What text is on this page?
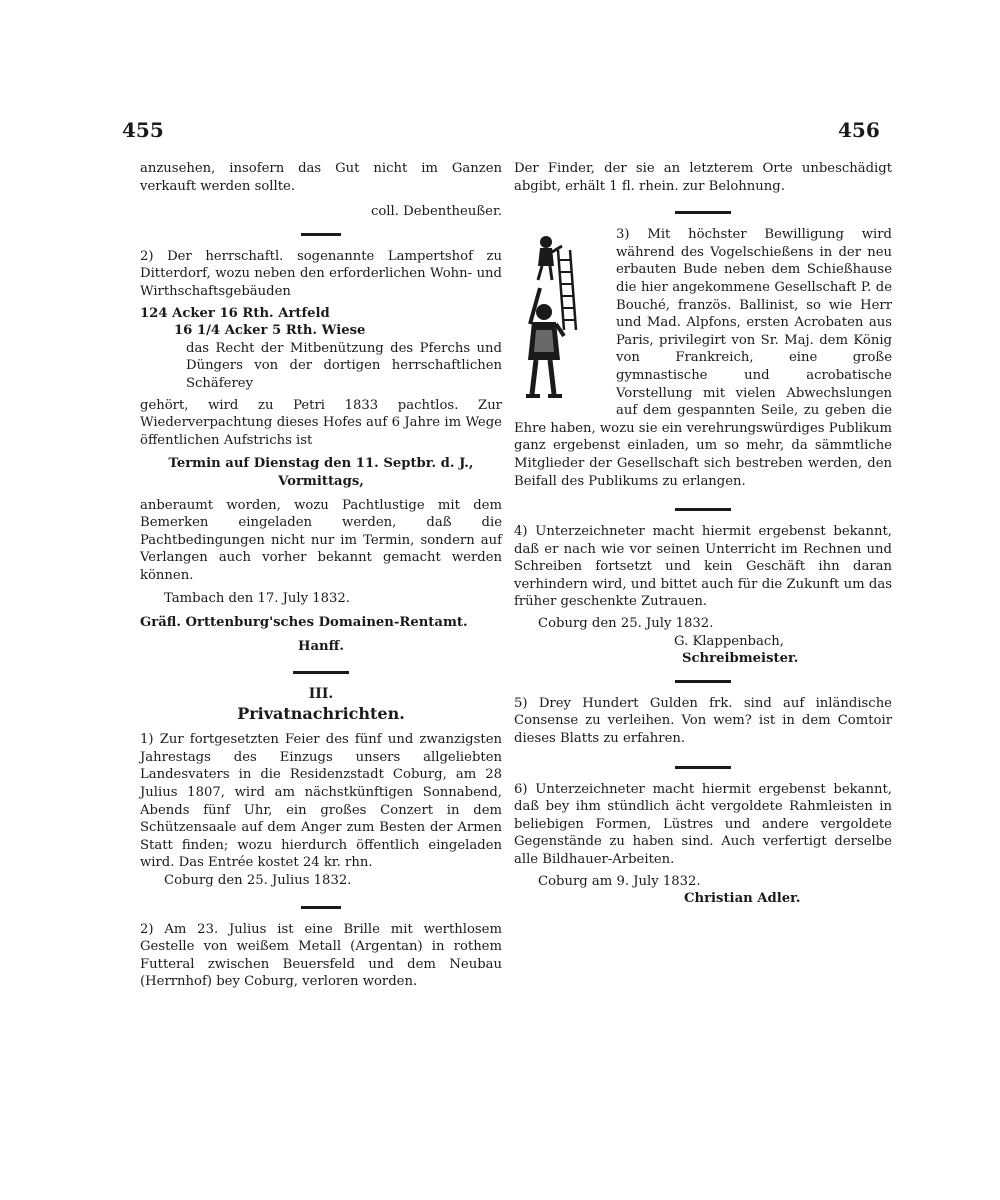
455	456

anzusehen, insofern das Gut nicht im Ganzen verkauft werden sollte.

coll. Debentheußer.

2) Der herrschaftl. sogenannte Lampertshof zu Ditterdorf, wozu neben den erforderlichen Wohn- und Wirthschaftsgebäuden

124 Acker 16 Rth. Artfeld

16 1/4 Acker 5 Rth. Wiese

das Recht der Mitbenützung des Pferchs und Düngers von der dortigen herrschaftlichen Schäferey

gehört, wird zu Petri 1833 pachtlos. Zur Wiederverpachtung dieses Hofes auf 6 Jahre im Wege öffentlichen Aufstrichs ist

Termin auf Dienstag den 11. Septbr. d. J., Vormittags,

anberaumt worden, wozu Pachtlustige mit dem Bemerken eingeladen werden, daß die Pachtbedingungen nicht nur im Termin, sondern auf Verlangen auch vorher bekannt gemacht werden können.

Tambach den 17. July 1832.

Gräfl. Orttenburg'sches Domainen-Rentamt.

Hanff.

III.
Privatnachrichten.

1) Zur fortgesetzten Feier des fünf und zwanzigsten Jahrestags des Einzugs unsers allgeliebten Landesvaters in die Residenzstadt Coburg, am 28 Julius 1807, wird am nächstkünftigen Sonnabend, Abends fünf Uhr, ein großes Conzert in dem Schützensaale auf dem Anger zum Besten der Armen Statt finden; wozu hierdurch öffentlich eingeladen wird. Das Entrée kostet 24 kr. rhn.

Coburg den 25. Julius 1832.

2) Am 23. Julius ist eine Brille mit werthlosem Gestelle von weißem Metall (Argentan) in rothem Futteral zwischen Beuersfeld und dem Neubau (Herrnhof) bey Coburg, verloren worden.

Der Finder, der sie an letzterem Orte unbeschädigt abgibt, erhält 1 fl. rhein. zur Belohnung.

3) Mit höchster Bewilligung wird während des Vogelschießens in der neu erbauten Bude neben dem Schießhause die hier angekommene Gesellschaft P. de Bouché, französ. Ballinist, so wie Herr und Mad. Alpfons, ersten Acrobaten aus Paris, privilegirt von Sr. Maj. dem König von Frankreich, eine große gymnastische und acrobatische Vorstellung mit vielen Abwechslungen auf dem gespannten Seile, zu geben die Ehre haben, wozu sie ein verehrungswürdiges Publikum ganz ergebenst einladen, um so mehr, da sämmtliche Mitglieder der Gesellschaft sich bestreben werden, den Beifall des Publikums zu erlangen.

4) Unterzeichneter macht hiermit ergebenst bekannt, daß er nach wie vor seinen Unterricht im Rechnen und Schreiben fortsetzt und kein Geschäft ihn daran verhindern wird, und bittet auch für die Zukunft um das früher geschenkte Zutrauen.

Coburg den 25. July 1832.

G. Klappenbach,

Schreibmeister.

5) Drey Hundert Gulden frk. sind auf inländische Consense zu verleihen. Von wem? ist in dem Comtoir dieses Blatts zu erfahren.

6) Unterzeichneter macht hiermit ergebenst bekannt, daß bey ihm stündlich ächt vergoldete Rahmleisten in beliebigen Formen, Lüstres und andere vergoldete Gegenstände zu haben sind. Auch verfertigt derselbe alle Bildhauer-Arbeiten.

Coburg am 9. July 1832.

Christian Adler.
